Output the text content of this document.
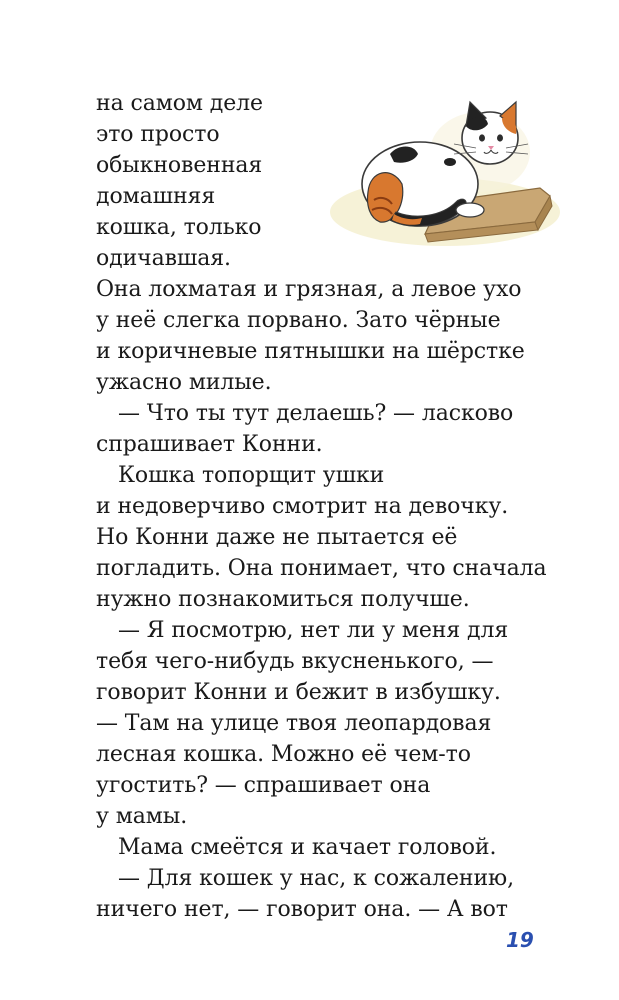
на самом деле
это просто
обыкновенная
домашняя
кошка, только
одичавшая.
Она лохматая и грязная, а левое ухо
у неё слегка порвано. Зато чёрные
и коричневые пятнышки на шёрстке
ужасно милые.
— Что ты тут делаешь? — ласково
спрашивает Конни.
Кошка топорщит ушки
и недоверчиво смотрит на девочку.
Но Конни даже не пытается её
погладить. Она понимает, что сначала
нужно познакомиться получше.
— Я посмотрю, нет ли у меня для
тебя чего-нибудь вкусненького, —
говорит Конни и бежит в избушку.
— Там на улице твоя леопардовая
лесная кошка. Можно её чем-то
угостить? — спрашивает она
у мамы.
Мама смеётся и качает головой.
— Для кошек у нас, к сожалению,
ничего нет, — говорит она. — А вот
19
